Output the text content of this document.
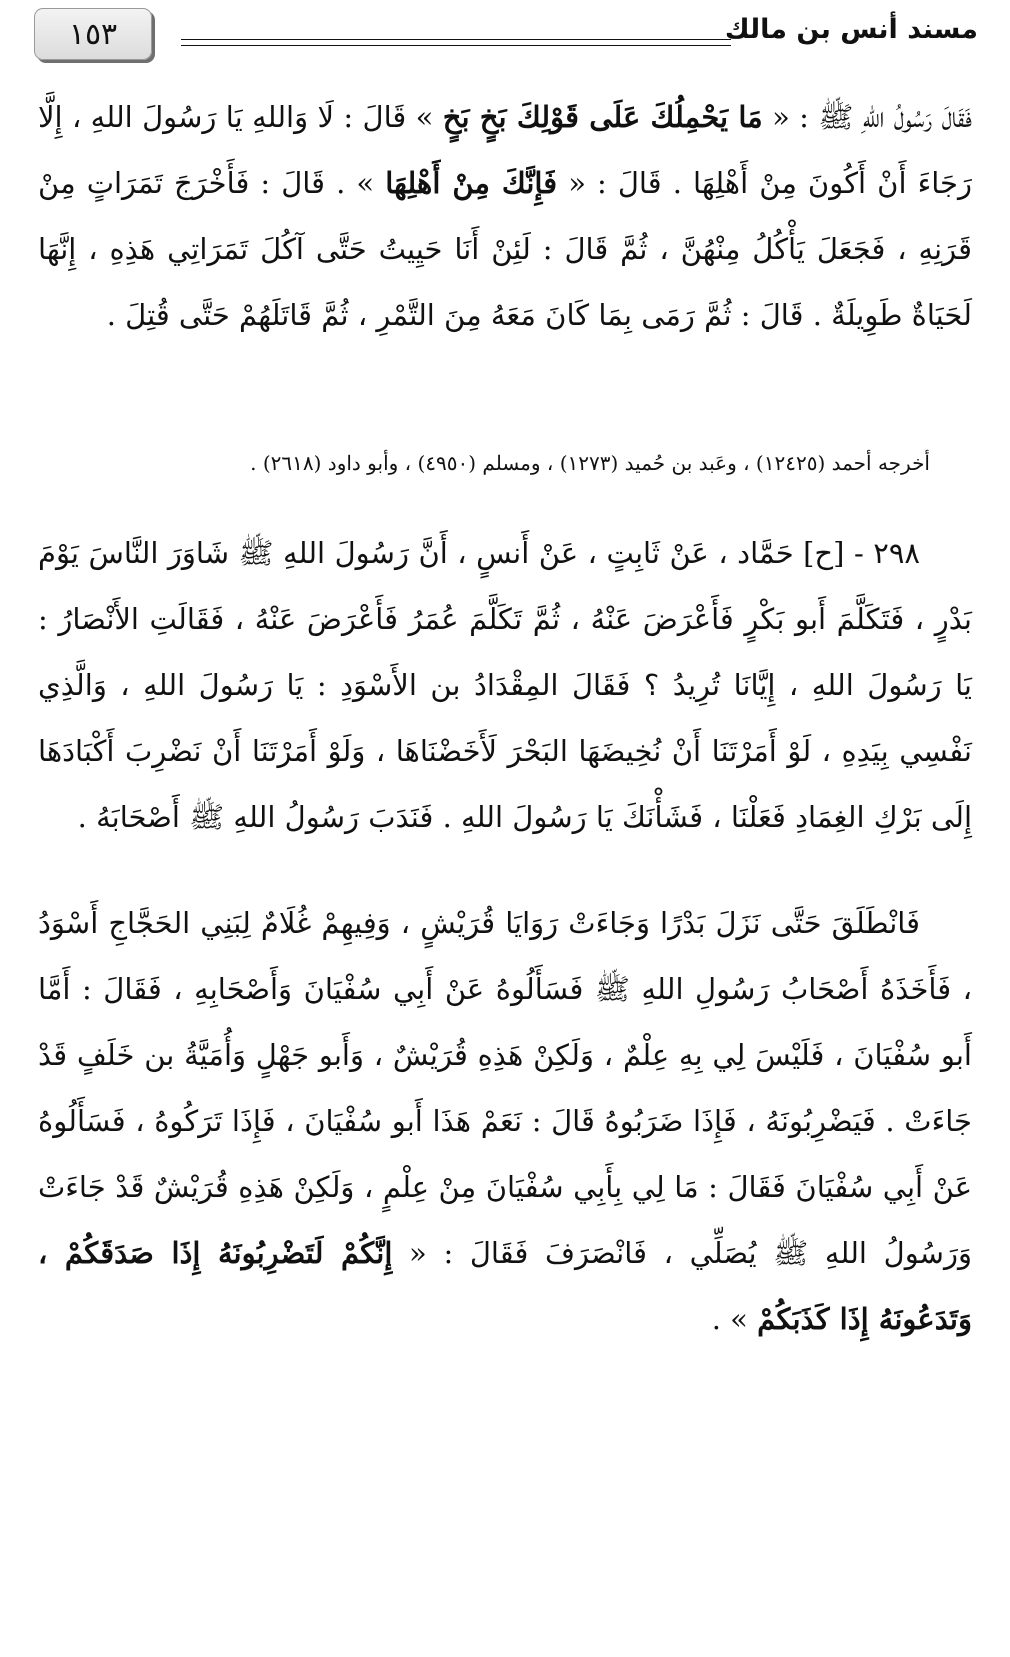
١٥٣	مسند أنس بن مالك
فَقَالَ رَسُولُ اللهِ ﷺ : « مَا يَحْمِلُكَ عَلَى قَوْلِكَ بَخٍ بَخٍ » قَالَ : لَا وَاللهِ يَا رَسُولَ اللهِ ، إِلَّا رَجَاءَ أَنْ أَكُونَ مِنْ أَهْلِهَا . قَالَ : « فَإِنَّكَ مِنْ أَهْلِهَا » . قَالَ : فَأَخْرَجَ تَمَرَاتٍ مِنْ قَرَنِهِ ، فَجَعَلَ يَأْكُلُ مِنْهُنَّ ، ثُمَّ قَالَ : لَئِنْ أَنَا حَيِيتُ حَتَّى آكُلَ تَمَرَاتِي هَذِهِ ، إِنَّهَا لَحَيَاةٌ طَوِيلَةٌ . قَالَ : ثُمَّ رَمَى بِمَا كَانَ مَعَهُ مِنَ التَّمْرِ ، ثُمَّ قَاتَلَهُمْ حَتَّى قُتِلَ .
أخرجه أحمد (١٢٤٢٥) ، وعَبد بن حُميد (١٢٧٣) ، ومسلم (٤٩٥٠) ، وأبو داود (٢٦١٨) .
٢٩٨ - [ح] حَمَّاد ، عَنْ ثَابِتٍ ، عَنْ أَنسٍ ، أَنَّ رَسُولَ اللهِ ﷺ شَاوَرَ النَّاسَ يَوْمَ بَدْرٍ ، فَتَكَلَّمَ أَبو بَكْرٍ فَأَعْرَضَ عَنْهُ ، ثُمَّ تَكَلَّمَ عُمَرُ فَأَعْرَضَ عَنْهُ ، فَقَالَتِ الأَنْصَارُ : يَا رَسُولَ اللهِ ، إِيَّانَا تُرِيدُ ؟ فَقَالَ المِقْدَادُ بن الأَسْوَدِ : يَا رَسُولَ اللهِ ، وَالَّذِي نَفْسِي بِيَدِهِ ، لَوْ أَمَرْتَنَا أَنْ نُخِيضَهَا البَحْرَ لَأَخَضْنَاهَا ، وَلَوْ أَمَرْتَنَا أَنْ نَضْرِبَ أَكْبَادَهَا إِلَى بَرْكِ الغِمَادِ فَعَلْنَا ، فَشَأْنَكَ يَا رَسُولَ اللهِ . فَنَدَبَ رَسُولُ اللهِ ﷺ أَصْحَابَهُ .
فَانْطَلَقَ حَتَّى نَزَلَ بَدْرًا وَجَاءَتْ رَوَايَا قُرَيْشٍ ، وَفِيهِمْ غُلَامٌ لِبَنِي الحَجَّاجِ أَسْوَدُ ، فَأَخَذَهُ أَصْحَابُ رَسُولِ اللهِ ﷺ فَسَأَلُوهُ عَنْ أَبِي سُفْيَانَ وَأَصْحَابِهِ ، فَقَالَ : أَمَّا أَبو سُفْيَانَ ، فَلَيْسَ لِي بِهِ عِلْمٌ ، وَلَكِنْ هَذِهِ قُرَيْشٌ ، وَأَبو جَهْلٍ وَأُمَيَّةُ بن خَلَفٍ قَدْ جَاءَتْ . فَيَضْرِبُونَهُ ، فَإِذَا ضَرَبُوهُ قَالَ : نَعَمْ هَذَا أَبو سُفْيَانَ ، فَإِذَا تَرَكُوهُ ، فَسَأَلُوهُ عَنْ أَبِي سُفْيَانَ فَقَالَ : مَا لِي بِأَبِي سُفْيَانَ مِنْ عِلْمٍ ، وَلَكِنْ هَذِهِ قُرَيْشٌ قَدْ جَاءَتْ وَرَسُولُ اللهِ ﷺ يُصَلِّي ، فَانْصَرَفَ فَقَالَ : « إِنَّكُمْ لَتَضْرِبُونَهُ إِذَا صَدَقَكُمْ ، وَتَدَعُونَهُ إِذَا كَذَبَكُمْ » .
